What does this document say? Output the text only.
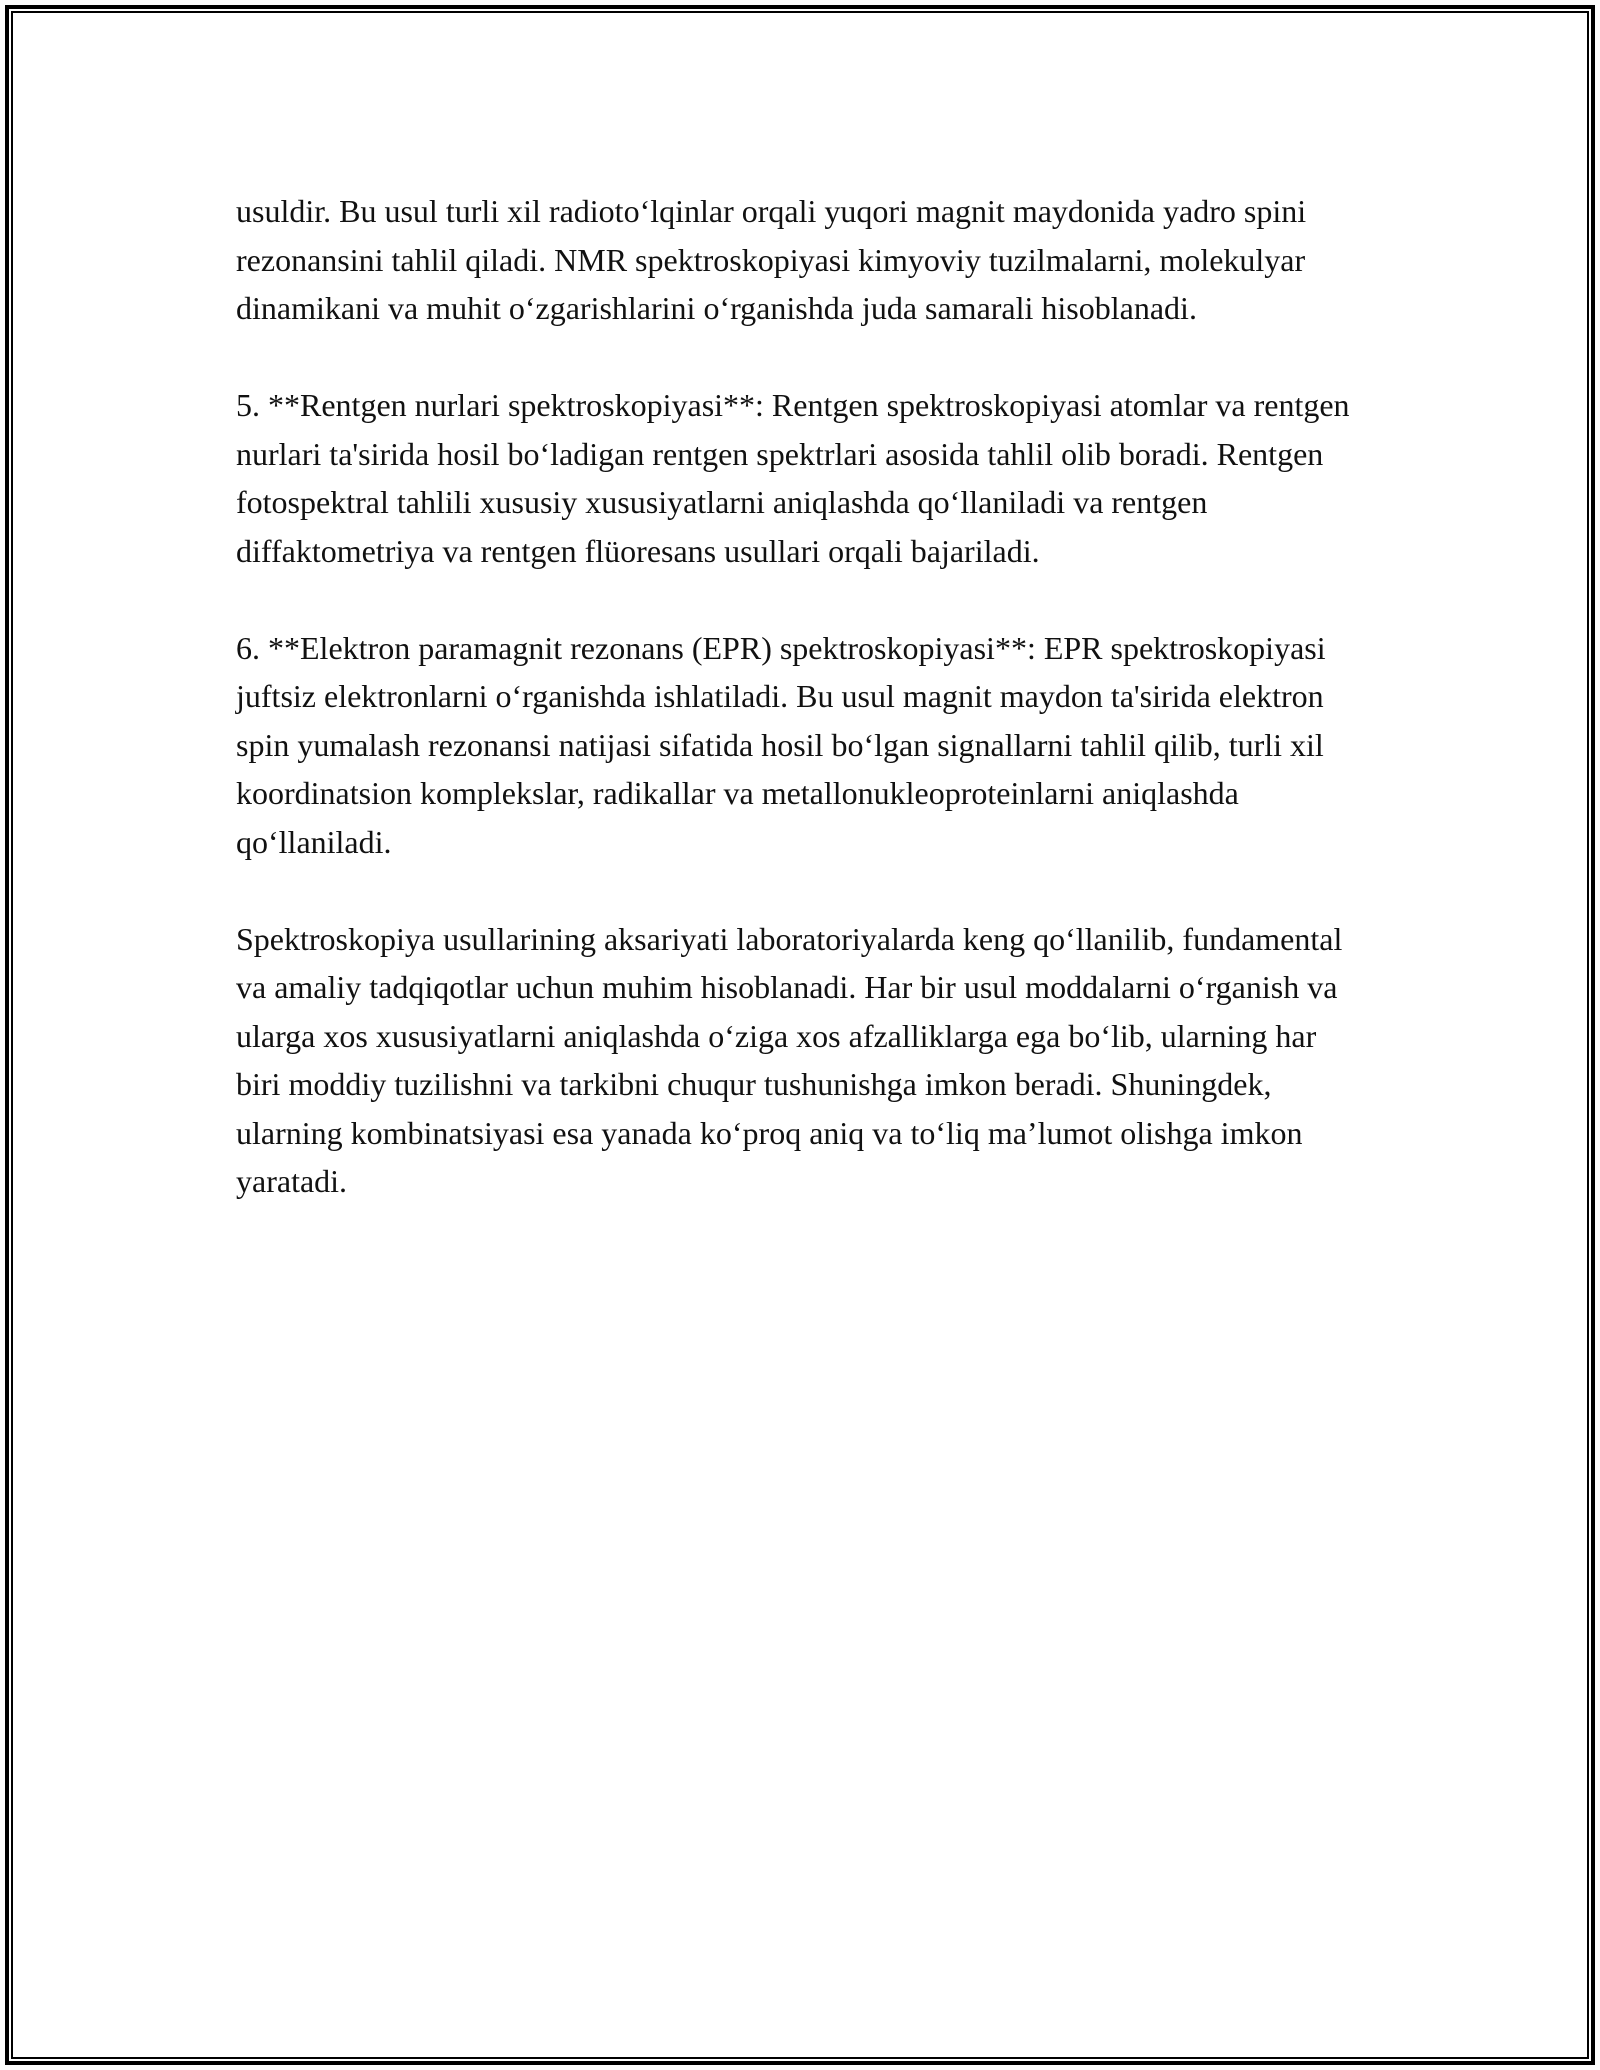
usuldir. Bu usul turli xil radioto‘lqinlar orqali yuqori magnit maydonida yadro spini rezonansini tahlil qiladi. NMR spektroskopiyasi kimyoviy tuzilmalarni, molekulyar dinamikani va muhit o‘zgarishlarini o‘rganishda juda samarali hisoblanadi.

5. **Rentgen nurlari spektroskopiyasi**: Rentgen spektroskopiyasi atomlar va rentgen nurlari ta'sirida hosil bo‘ladigan rentgen spektrlari asosida tahlil olib boradi. Rentgen fotospektral tahlili xususiy xususiyatlarni aniqlashda qo‘llaniladi va rentgen diffaktometriya va rentgen flüoresans usullari orqali bajariladi.

6. **Elektron paramagnit rezonans (EPR) spektroskopiyasi**: EPR spektroskopiyasi juftsiz elektronlarni o‘rganishda ishlatiladi. Bu usul magnit maydon ta'sirida elektron spin yumalash rezonansi natijasi sifatida hosil bo‘lgan signallarni tahlil qilib, turli xil koordinatsion komplekslar, radikallar va metallonukleoproteinlarni aniqlashda qo‘llaniladi.

Spektroskopiya usullarining aksariyati laboratoriyalarda keng qo‘llanilib, fundamental va amaliy tadqiqotlar uchun muhim hisoblanadi. Har bir usul moddalarni o‘rganish va ularga xos xususiyatlarni aniqlashda o‘ziga xos afzalliklarga ega bo‘lib, ularning har biri moddiy tuzilishni va tarkibni chuqur tushunishga imkon beradi. Shuningdek, ularning kombinatsiyasi esa yanada ko‘proq aniq va to‘liq ma’lumot olishga imkon yaratadi.
